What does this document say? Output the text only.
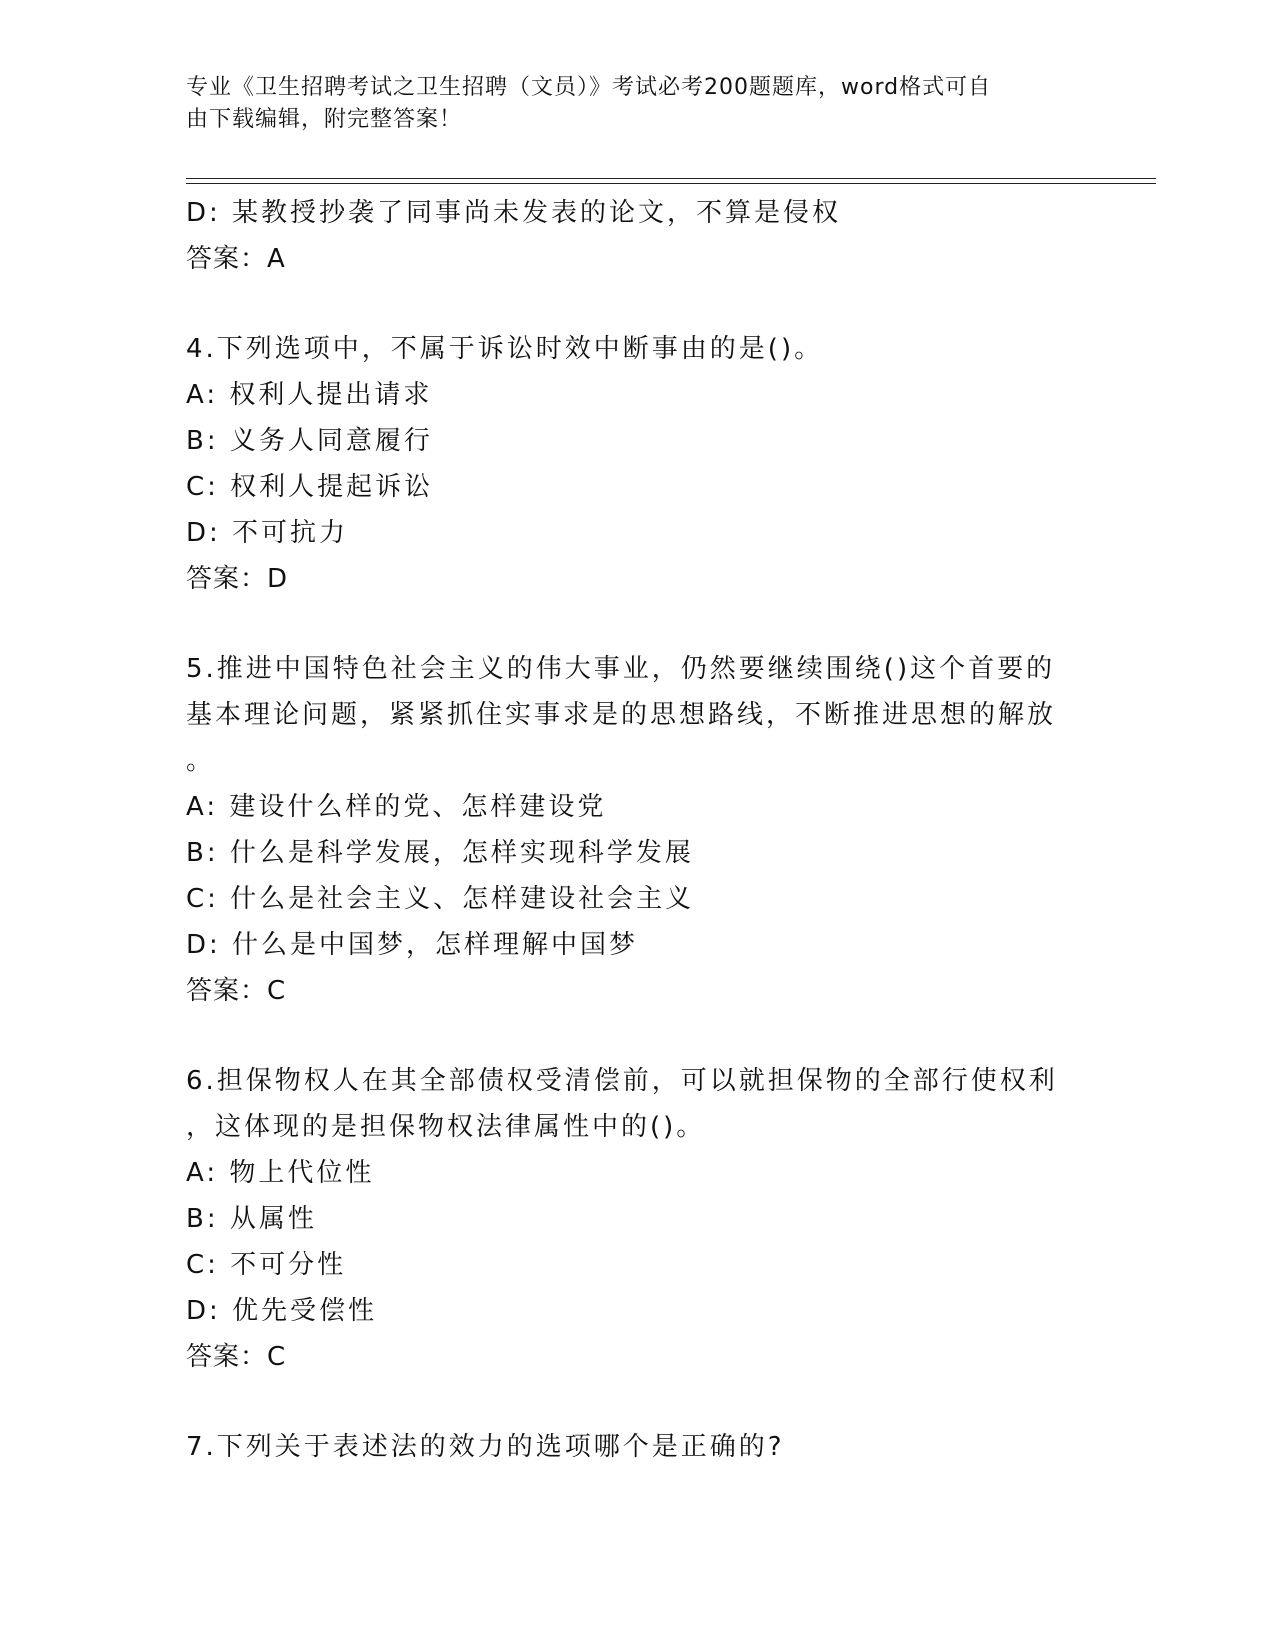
专业《卫生招聘考试之卫生招聘（文员）》考试必考200题题库，word格式可自
由下载编辑，附完整答案！
D: 某教授抄袭了同事尚未发表的论文，不算是侵权
答案：A
4.下列选项中，不属于诉讼时效中断事由的是()。
A: 权利人提出请求
B: 义务人同意履行
C: 权利人提起诉讼
D: 不可抗力
答案：D
5.推进中国特色社会主义的伟大事业，仍然要继续围绕()这个首要的
基本理论问题，紧紧抓住实事求是的思想路线，不断推进思想的解放
。
A: 建设什么样的党、怎样建设党
B: 什么是科学发展，怎样实现科学发展
C: 什么是社会主义、怎样建设社会主义
D: 什么是中国梦，怎样理解中国梦
答案：C
6.担保物权人在其全部债权受清偿前，可以就担保物的全部行使权利
，这体现的是担保物权法律属性中的()。
A: 物上代位性
B: 从属性
C: 不可分性
D: 优先受偿性
答案：C
7.下列关于表述法的效力的选项哪个是正确的?
